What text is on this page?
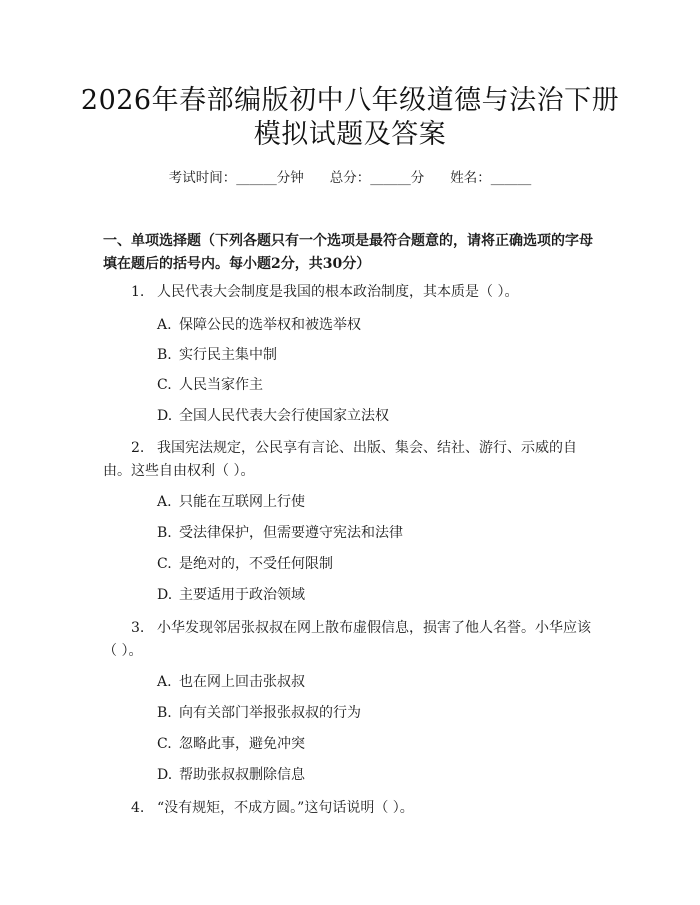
2026年春部编版初中八年级道德与法治下册
模拟试题及答案
考试时间：______分钟 总分：______分 姓名：______
一、单项选择题（下列各题只有一个选项是最符合题意的，请将正确选项的字母填在题后的括号内。每小题2分，共30分）
1. 人民代表大会制度是我国的根本政治制度，其本质是（ ）。
A. 保障公民的选举权和被选举权
B. 实行民主集中制
C. 人民当家作主
D. 全国人民代表大会行使国家立法权
2. 我国宪法规定，公民享有言论、出版、集会、结社、游行、示威的自由。这些自由权利（ ）。
A. 只能在互联网上行使
B. 受法律保护，但需要遵守宪法和法律
C. 是绝对的，不受任何限制
D. 主要适用于政治领域
3. 小华发现邻居张叔叔在网上散布虚假信息，损害了他人名誉。小华应该（ ）。
A. 也在网上回击张叔叔
B. 向有关部门举报张叔叔的行为
C. 忽略此事，避免冲突
D. 帮助张叔叔删除信息
4. “没有规矩，不成方圆。”这句话说明（ ）。
